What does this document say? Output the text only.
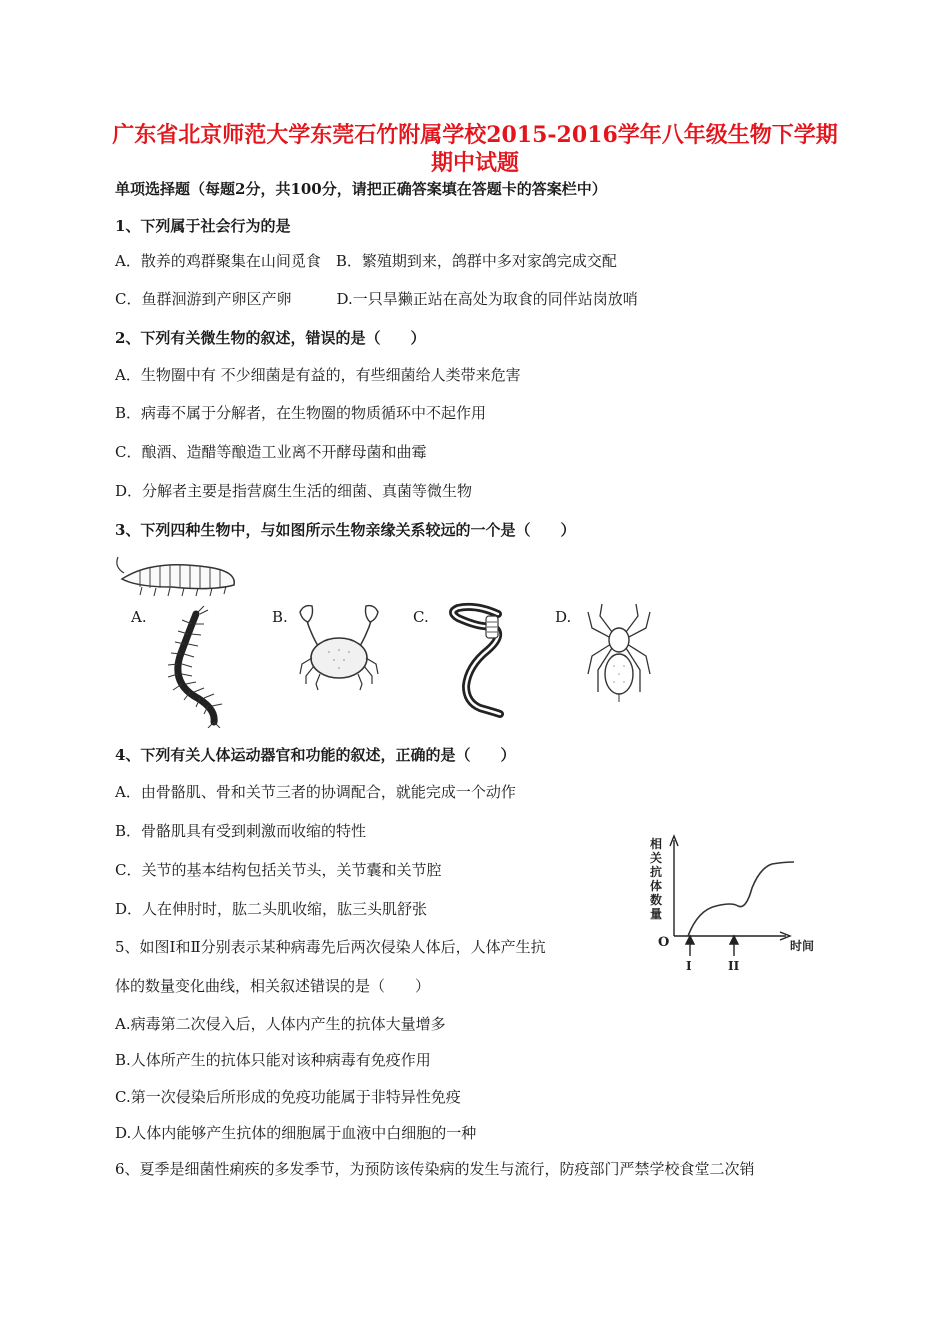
广东省北京师范大学东莞石竹附属学校2015-2016学年八年级生物下学期
期中试题

单项选择题（每题2分，共100分，请把正确答案填在答题卡的答案栏中）

1、下列属于社会行为的是

A．散养的鸡群聚集在山间觅食　B．繁殖期到来，鸽群中多对家鸽完成交配

C．鱼群洄游到产卵区产卵　　　D.一只旱獭正站在高处为取食的同伴站岗放哨

2、下列有关微生物的叙述，错误的是（　　）

A．生物圈中有 不少细菌是有益的，有些细菌给人类带来危害

B．病毒不属于分解者，在生物圈的物质循环中不起作用

C．酿酒、造醋等酿造工业离不开酵母菌和曲霉

D．分解者主要是指营腐生生活的细菌、真菌等微生物

3、下列四种生物中，与如图所示生物亲缘关系较远的一个是（　　）

A.	B.	C.	D.

4、下列有关人体运动器官和功能的叙述，正确的是（　　）

A．由骨骼肌、骨和关节三者的协调配合，就能完成一个动作

B．骨骼肌具有受到刺激而收缩的特性

C．关节的基本结构包括关节头，关节囊和关节腔

D．人在伸肘时，肱二头肌收缩，肱三头肌舒张

相
关
抗
体
数
量
O	时间
I	II

5、如图Ⅰ和Ⅱ分别表示某种病毒先后两次侵染人体后，人体产生抗

体的数量变化曲线，相关叙述错误的是（　　）

A.病毒第二次侵入后，人体内产生的抗体大量增多

B.人体所产生的抗体只能对该种病毒有免疫作用

C.第一次侵染后所形成的免疫功能属于非特异性免疫

D.人体内能够产生抗体的细胞属于血液中白细胞的一种

6、夏季是细菌性痢疾的多发季节，为预防该传染病的发生与流行，防疫部门严禁学校食堂二次销
